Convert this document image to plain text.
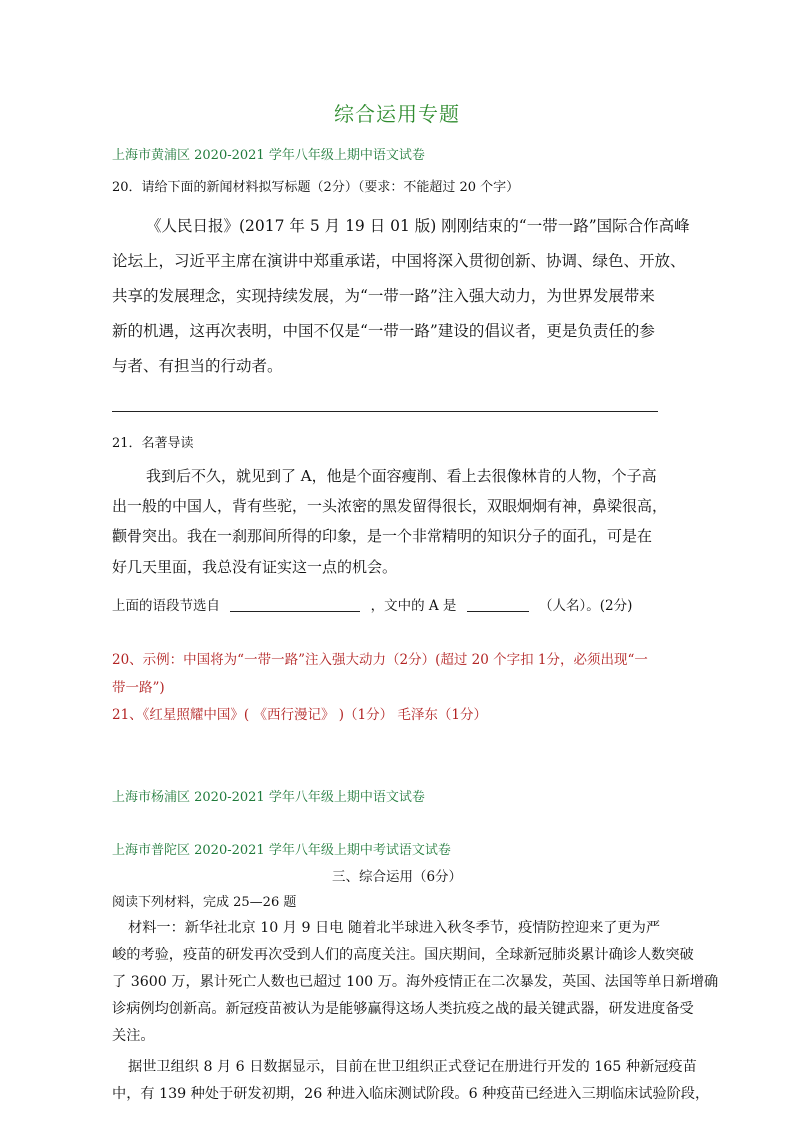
综合运用专题
上海市黄浦区 2020-2021 学年八年级上期中语文试卷
20．请给下面的新闻材料拟写标题（2分）（要求：不能超过 20 个字）
《人民日报》(2017 年 5 月 19 日 01 版) 刚刚结束的“一带一路”国际合作高峰
论坛上，习近平主席在演讲中郑重承诺，中国将深入贯彻创新、协调、绿色、开放、
共享的发展理念，实现持续发展，为“一带一路”注入强大动力，为世界发展带来
新的机遇，这再次表明，中国不仅是“一带一路”建设的倡议者，更是负责任的参
与者、有担当的行动者。
21．名著导读
我到后不久，就见到了 A，他是个面容瘦削、看上去很像林肯的人物，个子高
出一般的中国人，背有些驼，一头浓密的黑发留得很长，双眼炯炯有神，鼻梁很高，
颧骨突出。我在一刹那间所得的印象，是一个非常精明的知识分子的面孔，可是在
好几天里面，我总没有证实这一点的机会。
上面的语段节选自	，文中的 A 是	（人名）。(2分)
20、示例：中国将为“一带一路”注入强大动力（2分）(超过 20 个字扣 1分，必须出现“一
带一路”)
21、《红星照耀中国》( 《西行漫记》 )（1分） 毛泽东（1分）
上海市杨浦区 2020-2021 学年八年级上期中语文试卷
上海市普陀区 2020-2021 学年八年级上期中考试语文试卷
三、综合运用（6分）
阅读下列材料，完成 25—26 题
材料一：新华社北京 10 月 9 日电 随着北半球进入秋冬季节，疫情防控迎来了更为严
峻的考验，疫苗的研发再次受到人们的高度关注。国庆期间，全球新冠肺炎累计确诊人数突破
了 3600 万，累计死亡人数也已超过 100 万。海外疫情正在二次暴发，英国、法国等单日新增确
诊病例均创新高。新冠疫苗被认为是能够赢得这场人类抗疫之战的最关键武器，研发进度备受
关注。
据世卫组织 8 月 6 日数据显示，目前在世卫组织正式登记在册进行开发的 165 种新冠疫苗
中，有 139 种处于研发初期，26 种进入临床测试阶段。6 种疫苗已经进入三期临床试验阶段，
